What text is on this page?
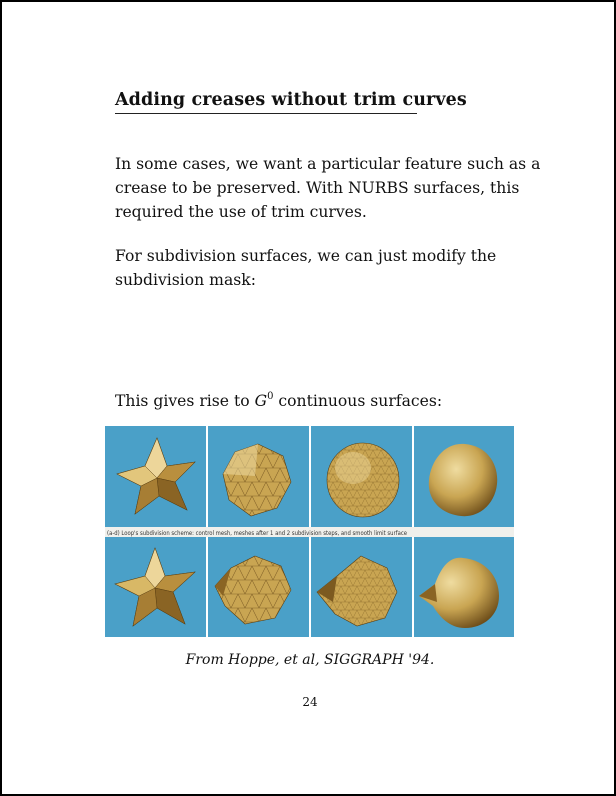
Adding creases without trim curves
In some cases, we want a particular feature such as a
crease to be preserved. With NURBS surfaces, this
required the use of trim curves.
For subdivision surfaces, we can just modify the
subdivision mask:
This gives rise to $G^0$ continuous surfaces:
(a-d) Loop's subdivision scheme: control mesh, meshes after 1 and 2 subdivision steps, and smooth limit surface
From Hoppe, et al, SIGGRAPH '94.
24
